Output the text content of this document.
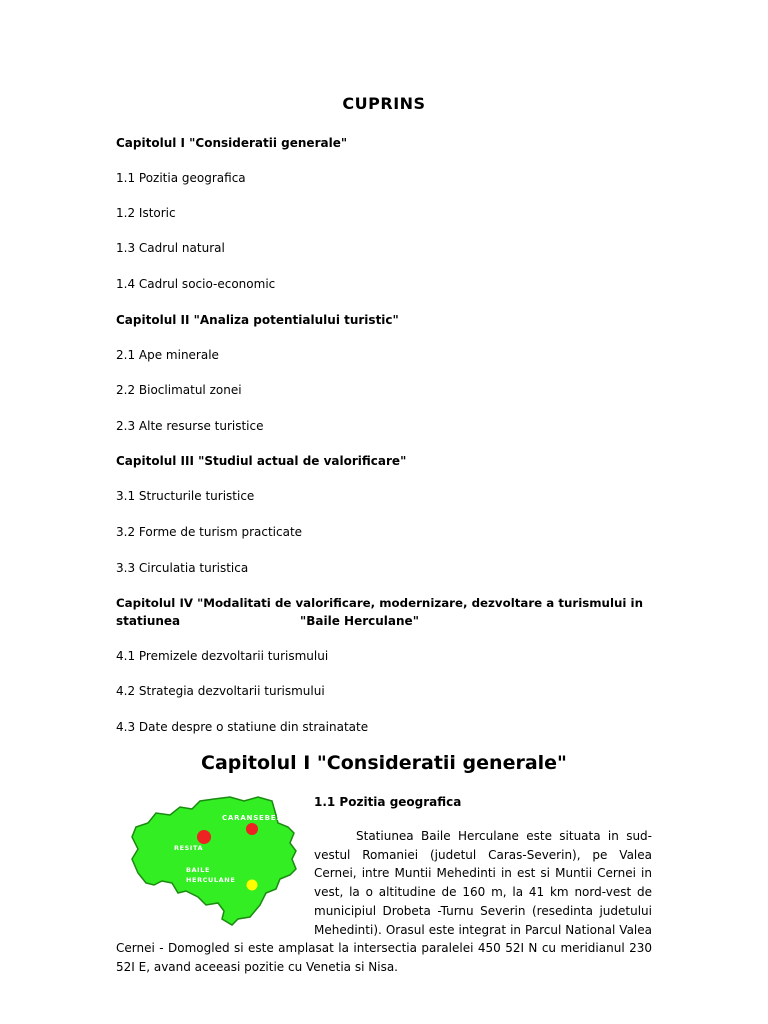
CUPRINS
Capitolul I "Consideratii generale"
1.1 Pozitia geografica
1.2 Istoric
1.3 Cadrul natural
1.4 Cadrul socio-economic
Capitolul II "Analiza potentialului turistic"
2.1 Ape minerale
2.2 Bioclimatul zonei
2.3 Alte resurse turistice
Capitolul III "Studiul actual de valorificare"
3.1 Structurile turistice
3.2 Forme de turism practicate
3.3 Circulatia turistica
Capitolul IV "Modalitati de valorificare, modernizare, dezvoltare a turismului in
statiunea	"Baile Herculane"
4.1 Premizele dezvoltarii turismului
4.2 Strategia dezvoltarii turismului
4.3 Date despre o statiune din strainatate
Capitolul I "Consideratii generale"
1.1 Pozitia geografica
Statiunea Baile Herculane este situata in sud-vestul Romaniei (judetul Caras-Severin), pe Valea Cernei, intre Muntii Mehedinti in est si Muntii Cernei in vest, la o altitudine de 160 m, la 41 km nord-vest de municipiul Drobeta -Turnu Severin (resedinta judetului Mehedinti). Orasul este integrat in Parcul National Valea Cernei - Domogled si este amplasat la intersectia paralelei 450 52I N cu meridianul 230 52I E, avand aceeasi pozitie cu Venetia si Nisa.
CARANSEBES
RESITA
BAILE
HERCULANE
